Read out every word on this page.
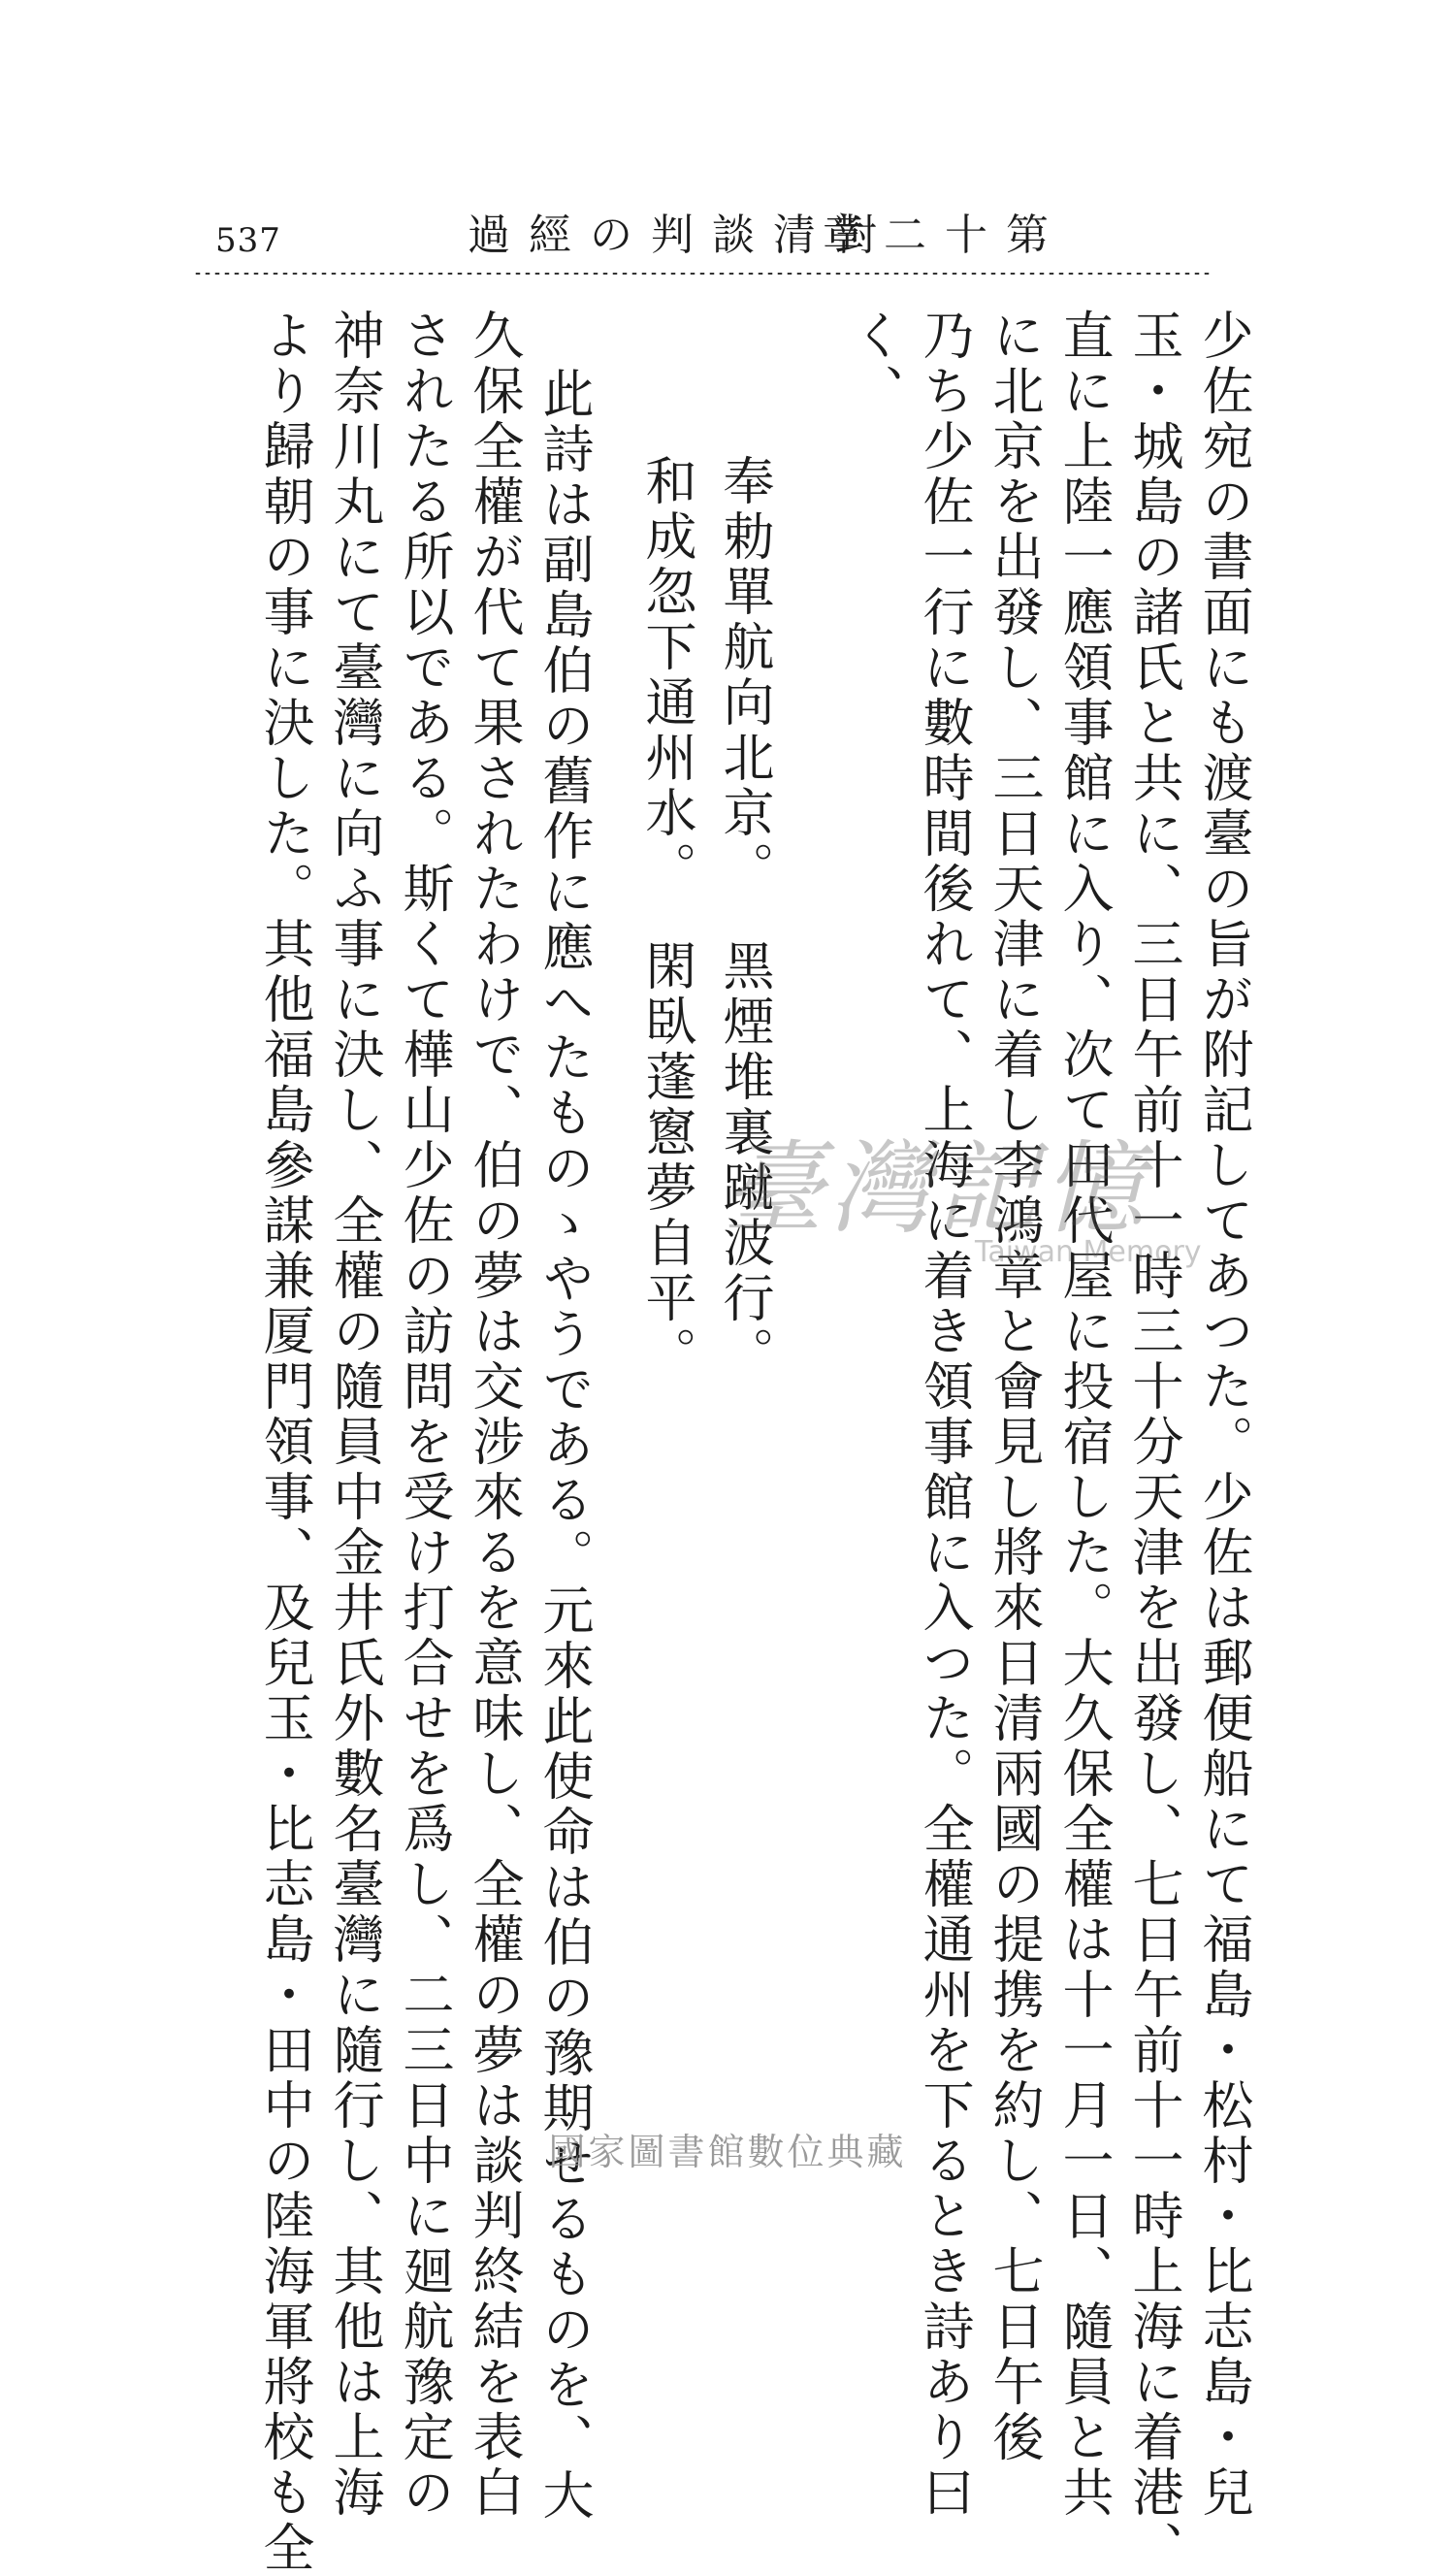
537	過經の判談清對
章二十第
少佐宛の書面にも渡臺の旨が附記してあつた。少佐は郵便船にて福島・松村・比志島・兒
玉・城島の諸氏と共に、三日午前十一時三十分天津を出發し、七日午前十一時上海に着港、
直に上陸一應領事館に入り、次て田代屋に投宿した。大久保全權は十一月一日、隨員と共
に北京を出發し、三日天津に着し李鴻章と會見し將來日清兩國の提携を約し、七日午後
乃ち少佐一行に數時間後れて、上海に着き領事館に入つた。全權通州を下るとき詩あり曰
く、
奉勅單航向北京。
黑煙堆裏蹴波行。
和成忽下通州水。
閑臥蓬窻夢自平。
此詩は副島伯の舊作に應へたものゝやうである。元來此使命は伯の豫期せるものを、大
久保全權が代て果されたわけで、伯の夢は交涉來るを意味し、全權の夢は談判終結を表白
されたる所以である。斯くて樺山少佐の訪問を受け打合せを爲し、二三日中に廻航豫定の
神奈川丸にて臺灣に向ふ事に決し、全權の隨員中金井氏外數名臺灣に隨行し、其他は上海
より歸朝の事に決した。其他福島參謀兼厦門領事、及兒玉・比志島・田中の陸海軍將校も全	臺灣記憶
Taiwan Memory
國家圖書館數位典藏
